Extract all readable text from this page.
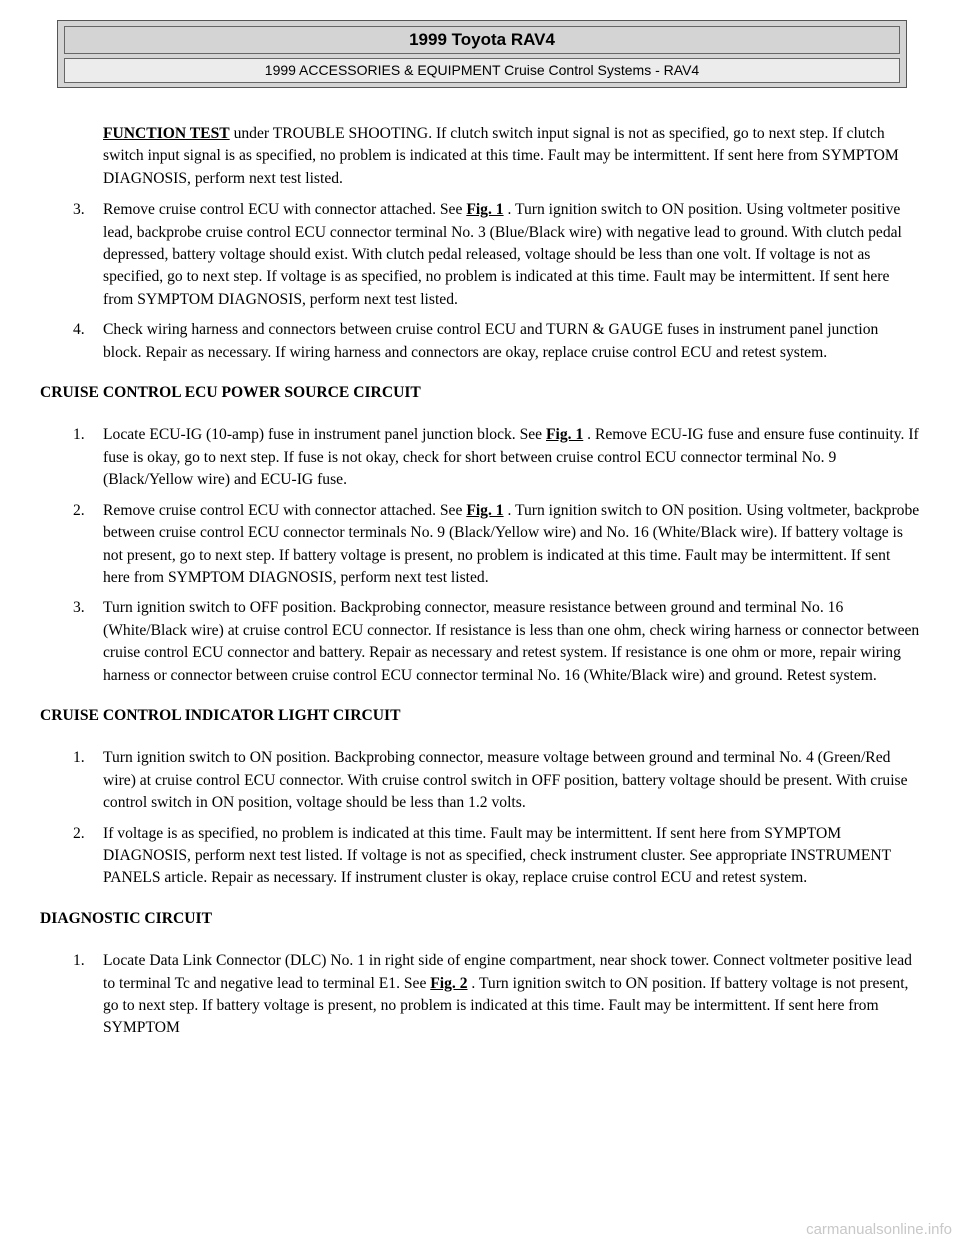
1999 Toyota RAV4
1999 ACCESSORIES & EQUIPMENT Cruise Control Systems - RAV4

FUNCTION TEST under TROUBLE SHOOTING. If clutch switch input signal is not as specified, go to next step. If clutch switch input signal is as specified, no problem is indicated at this time. Fault may be intermittent. If sent here from SYMPTOM DIAGNOSIS, perform next test listed.

3. Remove cruise control ECU with connector attached. See Fig. 1 . Turn ignition switch to ON position. Using voltmeter positive lead, backprobe cruise control ECU connector terminal No. 3 (Blue/Black wire) with negative lead to ground. With clutch pedal depressed, battery voltage should exist. With clutch pedal released, voltage should be less than one volt. If voltage is not as specified, go to next step. If voltage is as specified, no problem is indicated at this time. Fault may be intermittent. If sent here from SYMPTOM DIAGNOSIS, perform next test listed.
4. Check wiring harness and connectors between cruise control ECU and TURN & GAUGE fuses in instrument panel junction block. Repair as necessary. If wiring harness and connectors are okay, replace cruise control ECU and retest system.
CRUISE CONTROL ECU POWER SOURCE CIRCUIT
1. Locate ECU-IG (10-amp) fuse in instrument panel junction block. See Fig. 1 . Remove ECU-IG fuse and ensure fuse continuity. If fuse is okay, go to next step. If fuse is not okay, check for short between cruise control ECU connector terminal No. 9 (Black/Yellow wire) and ECU-IG fuse.
2. Remove cruise control ECU with connector attached. See Fig. 1 . Turn ignition switch to ON position. Using voltmeter, backprobe between cruise control ECU connector terminals No. 9 (Black/Yellow wire) and No. 16 (White/Black wire). If battery voltage is not present, go to next step. If battery voltage is present, no problem is indicated at this time. Fault may be intermittent. If sent here from SYMPTOM DIAGNOSIS, perform next test listed.
3. Turn ignition switch to OFF position. Backprobing connector, measure resistance between ground and terminal No. 16 (White/Black wire) at cruise control ECU connector. If resistance is less than one ohm, check wiring harness or connector between cruise control ECU connector and battery. Repair as necessary and retest system. If resistance is one ohm or more, repair wiring harness or connector between cruise control ECU connector terminal No. 16 (White/Black wire) and ground. Retest system.
CRUISE CONTROL INDICATOR LIGHT CIRCUIT
1. Turn ignition switch to ON position. Backprobing connector, measure voltage between ground and terminal No. 4 (Green/Red wire) at cruise control ECU connector. With cruise control switch in OFF position, battery voltage should be present. With cruise control switch in ON position, voltage should be less than 1.2 volts.
2. If voltage is as specified, no problem is indicated at this time. Fault may be intermittent. If sent here from SYMPTOM DIAGNOSIS, perform next test listed. If voltage is not as specified, check instrument cluster. See appropriate INSTRUMENT PANELS article. Repair as necessary. If instrument cluster is okay, replace cruise control ECU and retest system.
DIAGNOSTIC CIRCUIT
1. Locate Data Link Connector (DLC) No. 1 in right side of engine compartment, near shock tower. Connect voltmeter positive lead to terminal Tc and negative lead to terminal E1. See Fig. 2 . Turn ignition switch to ON position. If battery voltage is not present, go to next step. If battery voltage is present, no problem is indicated at this time. Fault may be intermittent. If sent here from SYMPTOM
carmanualsonline.info
